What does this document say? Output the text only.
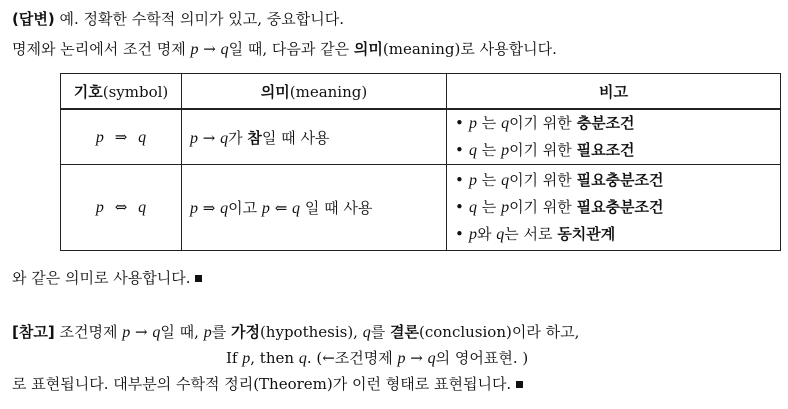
(답변) 예. 정확한 수학적 의미가 있고, 중요합니다.
명제와 논리에서 조건 명제 p → q일 때, 다음과 같은 의미(meaning)로 사용합니다.
기호(symbol)	의미(meaning)	비고
p ⇒ q	p → q가 참일 때 사용	• p 는 q이기 위한 충분조건
• q 는 p이기 위한 필요조건

p ⇔ q	p ⇒ q이고 p ⇐ q 일 때 사용	• p 는 q이기 위한 필요충분조건
• q 는 p이기 위한 필요충분조건
• p와 q는 서로 동치관계
와 같은 의미로 사용합니다.
[참고] 조건명제 p → q일 때, p를 가정(hypothesis), q를 결론(conclusion)이라 하고,
If p, then q. (←조건명제 p → q의 영어표현. )
로 표현됩니다. 대부분의 수학적 정리(Theorem)가 이런 형태로 표현됩니다.
